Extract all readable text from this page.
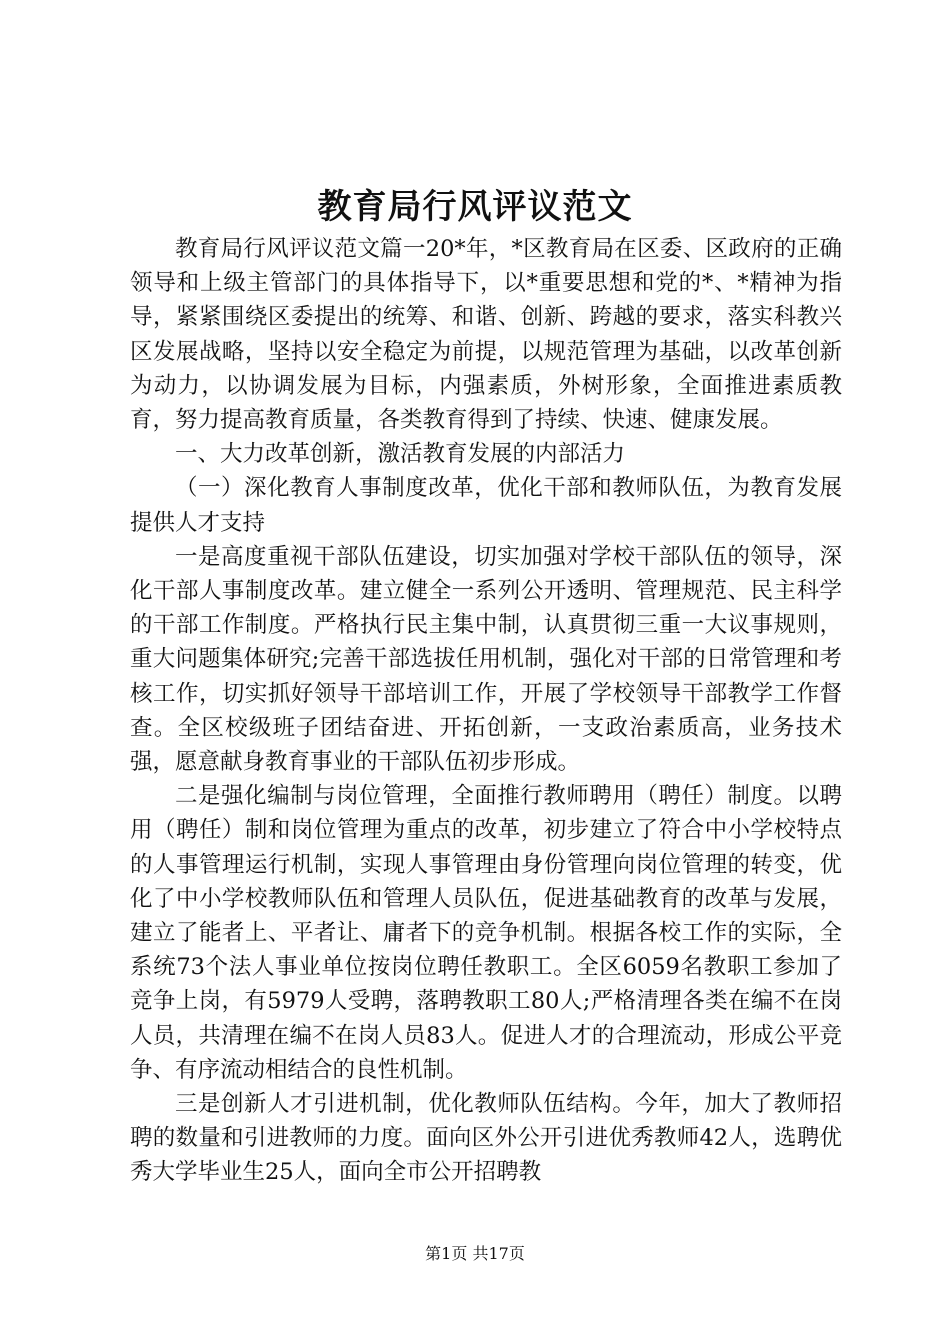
教育局行风评议范文

教育局行风评议范文篇一20*年，*区教育局在区委、区政府的正确领导和上级主管部门的具体指导下，以*重要思想和党的*、*精神为指导，紧紧围绕区委提出的统筹、和谐、创新、跨越的要求，落实科教兴区发展战略，坚持以安全稳定为前提，以规范管理为基础，以改革创新为动力，以协调发展为目标，内强素质，外树形象，全面推进素质教育，努力提高教育质量，各类教育得到了持续、快速、健康发展。

一、大力改革创新，激活教育发展的内部活力

（一）深化教育人事制度改革，优化干部和教师队伍，为教育发展提供人才支持

一是高度重视干部队伍建设，切实加强对学校干部队伍的领导，深化干部人事制度改革。建立健全一系列公开透明、管理规范、民主科学的干部工作制度。严格执行民主集中制，认真贯彻三重一大议事规则，重大问题集体研究;完善干部选拔任用机制，强化对干部的日常管理和考核工作，切实抓好领导干部培训工作，开展了学校领导干部教学工作督查。全区校级班子团结奋进、开拓创新，一支政治素质高，业务技术强，愿意献身教育事业的干部队伍初步形成。

二是强化编制与岗位管理，全面推行教师聘用（聘任）制度。以聘用（聘任）制和岗位管理为重点的改革，初步建立了符合中小学校特点的人事管理运行机制，实现人事管理由身份管理向岗位管理的转变，优化了中小学校教师队伍和管理人员队伍，促进基础教育的改革与发展，建立了能者上、平者让、庸者下的竞争机制。根据各校工作的实际，全系统73个法人事业单位按岗位聘任教职工。全区6059名教职工参加了竞争上岗，有5979人受聘，落聘教职工80人;严格清理各类在编不在岗人员，共清理在编不在岗人员83人。促进人才的合理流动，形成公平竞争、有序流动相结合的良性机制。

三是创新人才引进机制，优化教师队伍结构。今年，加大了教师招聘的数量和引进教师的力度。面向区外公开引进优秀教师42人，选聘优秀大学毕业生25人，面向全市公开招聘教

第1页 共17页
